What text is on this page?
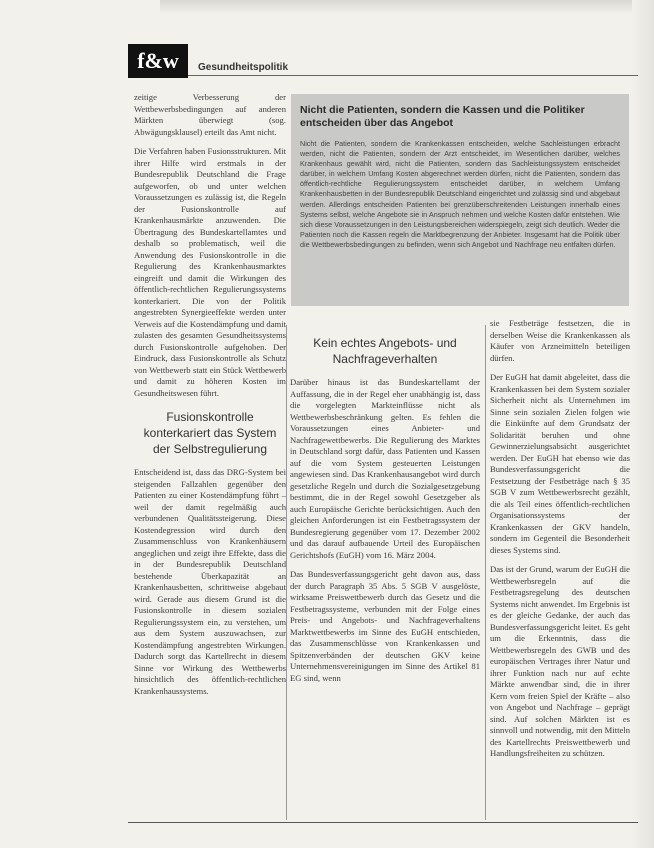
f&w	Gesundheitspolitik

zeitige Verbesserung der Wettbewerbsbedingungen auf anderen Märkten überwiegt (sog. Abwägungsklausel) erteilt das Amt nicht.

Die Verfahren haben Fusionsstrukturen. Mit ihrer Hilfe wird erstmals in der Bundesrepublik Deutschland die Frage aufgeworfen, ob und unter welchen Voraussetzungen es zulässig ist, die Regeln der Fusionskontrolle auf Krankenhausmärkte anzuwenden. Die Übertragung des Bundeskartellamtes und deshalb so problematisch, weil die Anwendung des Fusionskontrolle in die Regulierung des Krankenhausmarktes eingreift und damit die Wirkungen des öffentlich-rechtlichen Regulierungssystems konterkariert. Die von der Politik angestrebten Synergieeffekte werden unter Verweis auf die Kostendämpfung und damit zulasten des gesamten Gesundheitssystems durch Fusionskontrolle aufgehoben. Der Eindruck, dass Fusionskontrolle als Schutz von Wettbewerb statt ein Stück Wettbewerb und damit zu höheren Kosten im Gesundheitswesen führt.

Fusionskontrolle konterkariert das System der Selbstregulierung

Entscheidend ist, dass das DRG-System bei steigenden Fallzahlen gegenüber den Patienten zu einer Kostendämpfung führt – weil der damit regelmäßig auch verbundenen Qualitätssteigerung. Diese Kostendegression wird durch den Zusammenschluss von Krankenhäusern angeglichen und zeigt ihre Effekte, dass die in der Bundesrepublik Deutschland bestehende Überkapazität an Krankenhausbetten, schrittweise abgebaut wird. Gerade aus diesem Grund ist die Fusionskontrolle in diesem sozialen Regulierungssystem ein, zu verstehen, um aus dem System auszuwachsen, zur Kostendämpfung angestrebten Wirkungen. Dadurch sorgt das Kartellrecht in diesem Sinne vor Wirkung des Wettbewerbs hinsichtlich des öffentlich-rechtlichen Krankenhaussystems.

Nicht die Patienten, sondern die Kassen und die Politiker entscheiden über das Angebot
Nicht die Patienten, sondern die Krankenkassen entscheiden, welche Sachleistungen erbracht werden, nicht die Patienten, sondern der Arzt entscheidet, im Wesentlichen darüber, welches Krankenhaus gewählt wird, nicht die Patienten, sondern das Sachleistungssystem entscheidet darüber, in welchem Umfang Kosten abgerechnet werden dürfen, nicht die Patienten, sondern das öffentlich-rechtliche Regulierungssystem entscheidet darüber, in welchem Umfang Krankenhausbetten in der Bundesrepublik Deutschland eingerichtet und zulässig sind und abgebaut werden. Allerdings entscheiden Patienten bei grenzüberschreitenden Leistungen innerhalb eines Systems selbst, welche Angebote sie in Anspruch nehmen und welche Kosten dafür entstehen. Wie sich diese Voraussetzungen in den Leistungsbereichen widerspiegeln, zeigt sich deutlich. Weder die Patienten noch die Kassen regeln die Marktbegrenzung der Anbieter. Insgesamt hat die Politik über die Wettbewerbsbedingungen zu befinden, wenn sich Angebot und Nachfrage neu entfalten dürfen.
Kein echtes Angebots- und Nachfrageverhalten

Darüber hinaus ist das Bundeskartellamt der Auffassung, die in der Regel eher unabhängig ist, dass die vorgelegten Markteinflüsse nicht als Wettbewerbsbeschränkung gelten. Es fehlen die Voraussetzungen eines Anbieter- und Nachfragewettbewerbs. Die Regulierung des Marktes in Deutschland sorgt dafür, dass Patienten und Kassen auf die vom System gesteuerten Leistungen angewiesen sind. Das Krankenhausangebot wird durch gesetzliche Regeln und durch die Sozialgesetzgebung bestimmt, die in der Regel sowohl Gesetzgeber als auch Europäische Gerichte berücksichtigen. Auch den gleichen Anforderungen ist ein Festbetragssystem der Bundesregierung gegenüber vom 17. Dezember 2002 und das darauf aufbauende Urteil des Europäischen Gerichtshofs (EuGH) vom 16. März 2004.

Das Bundesverfassungsgericht geht davon aus, dass der durch Paragraph 35 Abs. 5 SGB V ausgelöste, wirksame Preiswettbewerb durch das Gesetz und die Festbetragssysteme, verbunden mit der Folge eines Preis- und Angebots- und Nachfrageverhaltens Marktwettbewerbs im Sinne des EuGH entschieden, das Zusammenschlüsse von Krankenkassen und Spitzenverbänden der deutschen GKV keine Unternehmensvereinigungen im Sinne des Artikel 81 EG sind, wenn

sie Festbeträge festsetzen, die in derselben Weise die Krankenkassen als Käufer von Arzneimitteln beteiligen dürfen.

Der EuGH hat damit abgeleitet, dass die Krankenkassen bei dem System sozialer Sicherheit nicht als Unternehmen im Sinne sein sozialen Zielen folgen wie die Einkünfte auf dem Grundsatz der Solidarität beruhen und ohne Gewinnerzielungsabsicht ausgerichtet werden. Der EuGH hat ebenso wie das Bundesverfassungsgericht die Festsetzung der Festbeträge nach § 35 SGB V zum Wettbewerbsrecht gezählt, die als Teil eines öffentlich-rechtlichen Organisationssystems der Krankenkassen der GKV handeln, sondern im Gegenteil die Besonderheit dieses Systems sind.

Das ist der Grund, warum der EuGH die Wettbewerbsregeln auf die Festbetragsregelung des deutschen Systems nicht anwendet. Im Ergebnis ist es der gleiche Gedanke, der auch das Bundesverfassungsgericht leitet. Es geht um die Erkenntnis, dass die Wettbewerbsregeln des GWB und des europäischen Vertrages ihrer Natur und ihrer Funktion nach nur auf echte Märkte anwendbar sind, die in ihrer Kern vom freien Spiel der Kräfte – also von Angebot und Nachfrage – geprägt sind. Auf solchen Märkten ist es sinnvoll und notwendig, mit den Mitteln des Kartellrechts Preiswettbewerb und Handlungsfreiheiten zu schützen.
